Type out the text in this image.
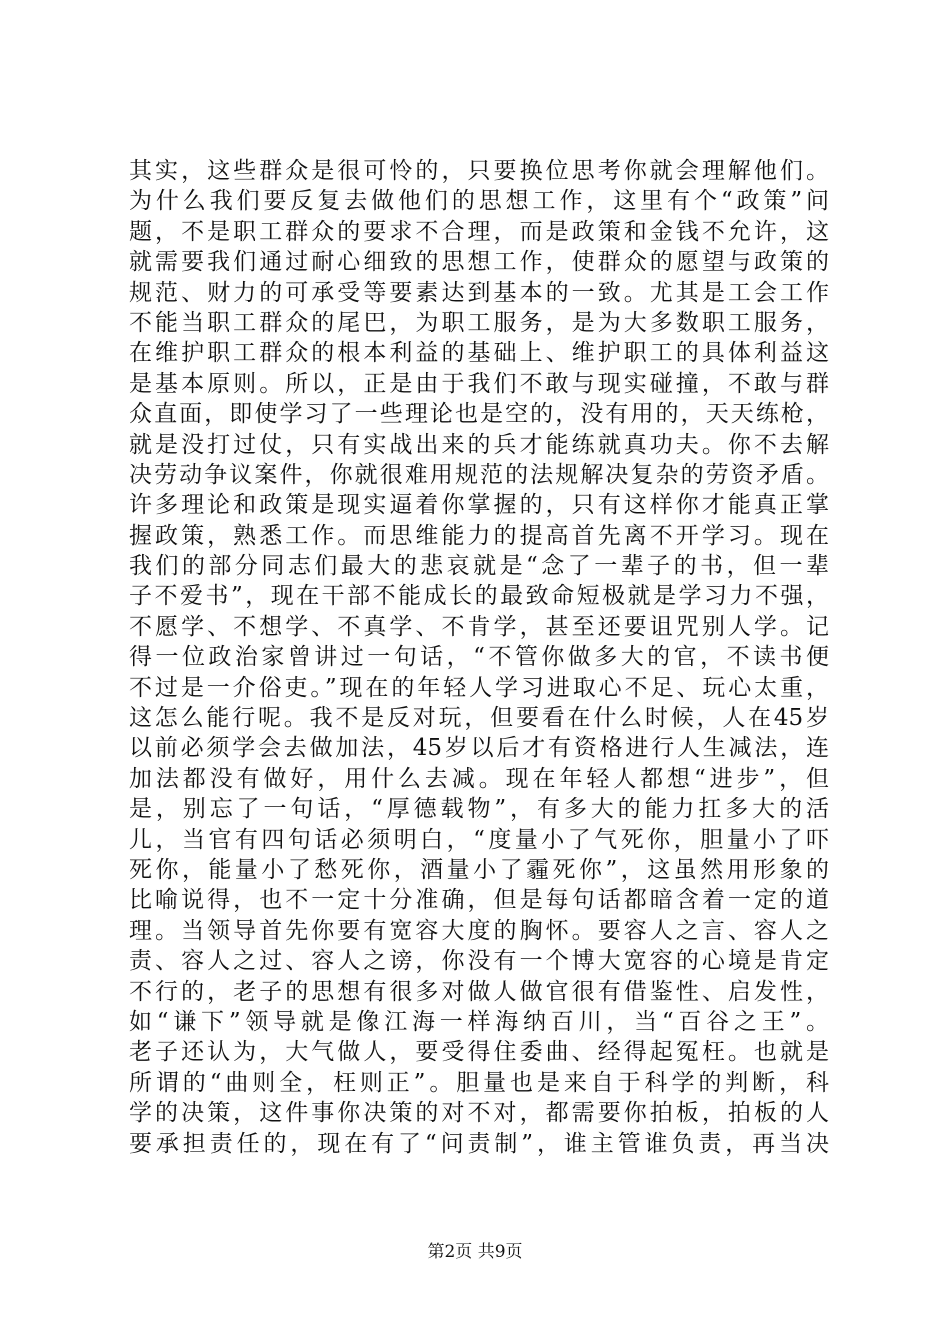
其实，这些群众是很可怜的，只要换位思考你就会理解他们。
为什么我们要反复去做他们的思想工作，这里有个“政策”问
题，不是职工群众的要求不合理，而是政策和金钱不允许，这
就需要我们通过耐心细致的思想工作，使群众的愿望与政策的
规范、财力的可承受等要素达到基本的一致。尤其是工会工作
不能当职工群众的尾巴，为职工服务，是为大多数职工服务，
在维护职工群众的根本利益的基础上、维护职工的具体利益这
是基本原则。所以，正是由于我们不敢与现实碰撞，不敢与群
众直面，即使学习了一些理论也是空的，没有用的，天天练枪，
就是没打过仗，只有实战出来的兵才能练就真功夫。你不去解
决劳动争议案件，你就很难用规范的法规解决复杂的劳资矛盾。
许多理论和政策是现实逼着你掌握的，只有这样你才能真正掌
握政策，熟悉工作。而思维能力的提高首先离不开学习。现在
我们的部分同志们最大的悲哀就是“念了一辈子的书，但一辈
子不爱书”，现在干部不能成长的最致命短极就是学习力不强，
不愿学、不想学、不真学、不肯学，甚至还要诅咒别人学。记
得一位政治家曾讲过一句话，“不管你做多大的官，不读书便
不过是一介俗吏。”现在的年轻人学习进取心不足、玩心太重，
这怎么能行呢。我不是反对玩，但要看在什么时候，人在45岁
以前必须学会去做加法，45岁以后才有资格进行人生减法，连
加法都没有做好，用什么去减。现在年轻人都想“进步”，但
是，别忘了一句话，“厚德载物”，有多大的能力扛多大的活
儿，当官有四句话必须明白，“度量小了气死你，胆量小了吓
死你，能量小了愁死你，酒量小了霾死你”，这虽然用形象的
比喻说得，也不一定十分准确，但是每句话都暗含着一定的道
理。当领导首先你要有宽容大度的胸怀。要容人之言、容人之
责、容人之过、容人之谤，你没有一个博大宽容的心境是肯定
不行的，老子的思想有很多对做人做官很有借鉴性、启发性，
如“谦下”领导就是像江海一样海纳百川，当“百谷之王”。
老子还认为，大气做人，要受得住委曲、经得起冤枉。也就是
所谓的“曲则全，枉则正”。胆量也是来自于科学的判断，科
学的决策，这件事你决策的对不对，都需要你拍板，拍板的人
要承担责任的，现在有了“问责制”，谁主管谁负责，再当决
第2页 共9页
